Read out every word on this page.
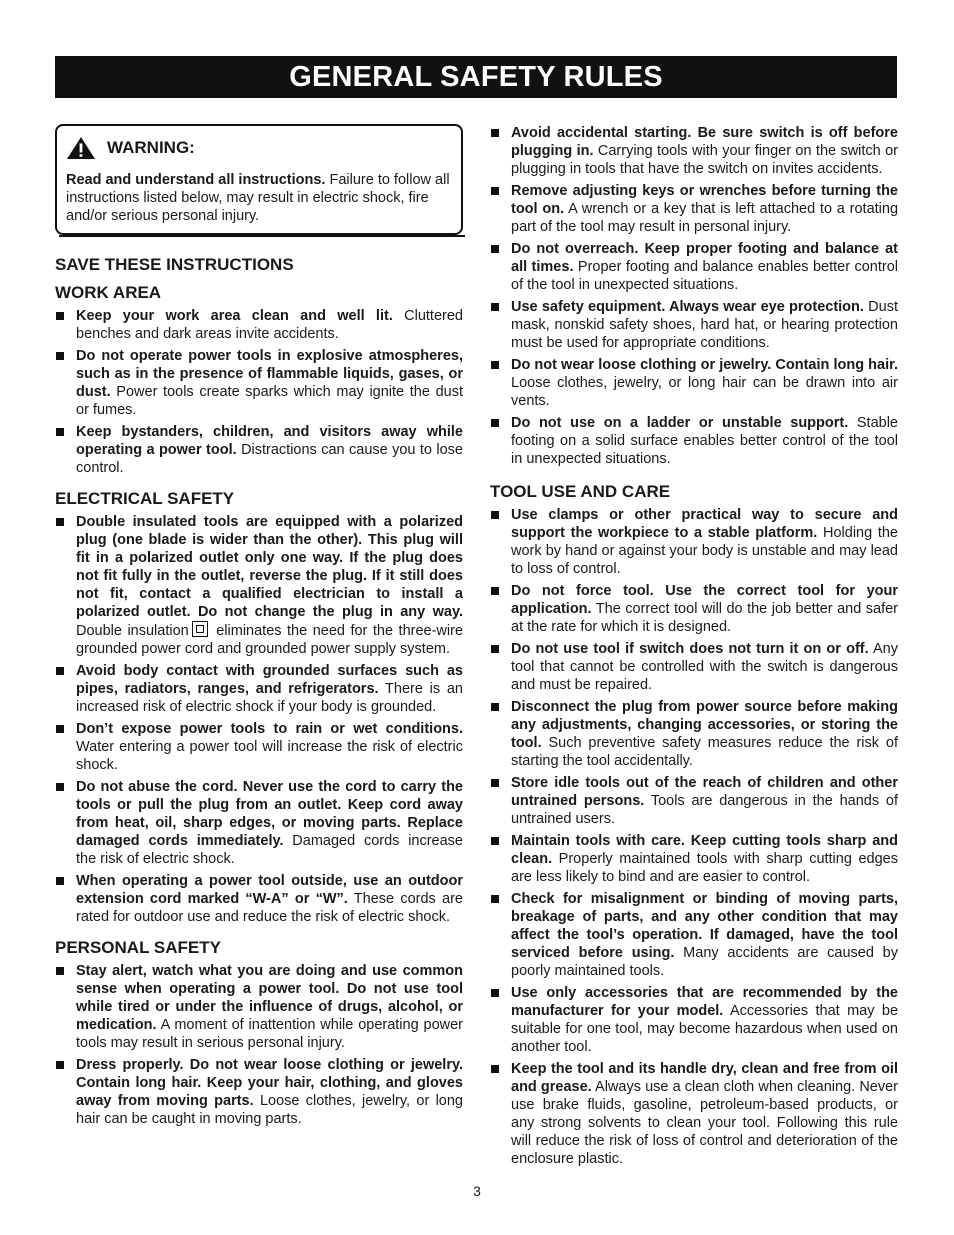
GENERAL SAFETY RULES
WARNING:
Read and understand all instructions. Failure to follow all instructions listed below, may result in electric shock, fire and/or serious personal injury.
SAVE THESE INSTRUCTIONS
WORK AREA
Keep your work area clean and well lit. Cluttered benches and dark areas invite accidents.
Do not operate power tools in explosive atmospheres, such as in the presence of flammable liquids, gases, or dust. Power tools create sparks which may ignite the dust or fumes.
Keep bystanders, children, and visitors away while operating a power tool. Distractions can cause you to lose control.
ELECTRICAL SAFETY
Double insulated tools are equipped with a polarized plug (one blade is wider than the other). This plug will fit in a polarized outlet only one way. If the plug does not fit fully in the outlet, reverse the plug. If it still does not fit, contact a qualified electrician to install a polarized outlet. Do not change the plug in any way. Double insulation eliminates the need for the three-wire grounded power cord and grounded power supply system.
Avoid body contact with grounded surfaces such as pipes, radiators, ranges, and refrigerators. There is an increased risk of electric shock if your body is grounded.
Don’t expose power tools to rain or wet conditions. Water entering a power tool will increase the risk of electric shock.
Do not abuse the cord. Never use the cord to carry the tools or pull the plug from an outlet. Keep cord away from heat, oil, sharp edges, or moving parts. Replace damaged cords immediately. Damaged cords increase the risk of electric shock.
When operating a power tool outside, use an outdoor extension cord marked “W-A” or “W”. These cords are rated for outdoor use and reduce the risk of electric shock.
PERSONAL SAFETY
Stay alert, watch what you are doing and use common sense when operating a power tool. Do not use tool while tired or under the influence of drugs, alcohol, or medication. A moment of inattention while operating power tools may result in serious personal injury.
Dress properly. Do not wear loose clothing or jewelry. Contain long hair. Keep your hair, clothing, and gloves away from moving parts. Loose clothes, jewelry, or long hair can be caught in moving parts.
Avoid accidental starting. Be sure switch is off before plugging in. Carrying tools with your finger on the switch or plugging in tools that have the switch on invites accidents.
Remove adjusting keys or wrenches before turning the tool on. A wrench or a key that is left attached to a rotating part of the tool may result in personal injury.
Do not overreach. Keep proper footing and balance at all times. Proper footing and balance enables better control of the tool in unexpected situations.
Use safety equipment. Always wear eye protection. Dust mask, nonskid safety shoes, hard hat, or hearing protection must be used for appropriate conditions.
Do not wear loose clothing or jewelry. Contain long hair. Loose clothes, jewelry, or long hair can be drawn into air vents.
Do not use on a ladder or unstable support. Stable footing on a solid surface enables better control of the tool in unexpected situations.
TOOL USE AND CARE
Use clamps or other practical way to secure and support the workpiece to a stable platform. Holding the work by hand or against your body is unstable and may lead to loss of control.
Do not force tool. Use the correct tool for your application. The correct tool will do the job better and safer at the rate for which it is designed.
Do not use tool if switch does not turn it on or off. Any tool that cannot be controlled with the switch is dangerous and must be repaired.
Disconnect the plug from power source before making any adjustments, changing accessories, or storing the tool. Such preventive safety measures reduce the risk of starting the tool accidentally.
Store idle tools out of the reach of children and other untrained persons. Tools are dangerous in the hands of untrained users.
Maintain tools with care. Keep cutting tools sharp and clean. Properly maintained tools with sharp cutting edges are less likely to bind and are easier to control.
Check for misalignment or binding of moving parts, breakage of parts, and any other condition that may affect the tool’s operation. If damaged, have the tool serviced before using. Many accidents are caused by poorly maintained tools.
Use only accessories that are recommended by the manufacturer for your model. Accessories that may be suitable for one tool, may become hazardous when used on another tool.
Keep the tool and its handle dry, clean and free from oil and grease. Always use a clean cloth when cleaning. Never use brake fluids, gasoline, petroleum-based products, or any strong solvents to clean your tool. Following this rule will reduce the risk of loss of control and deterioration of the enclosure plastic.
3
